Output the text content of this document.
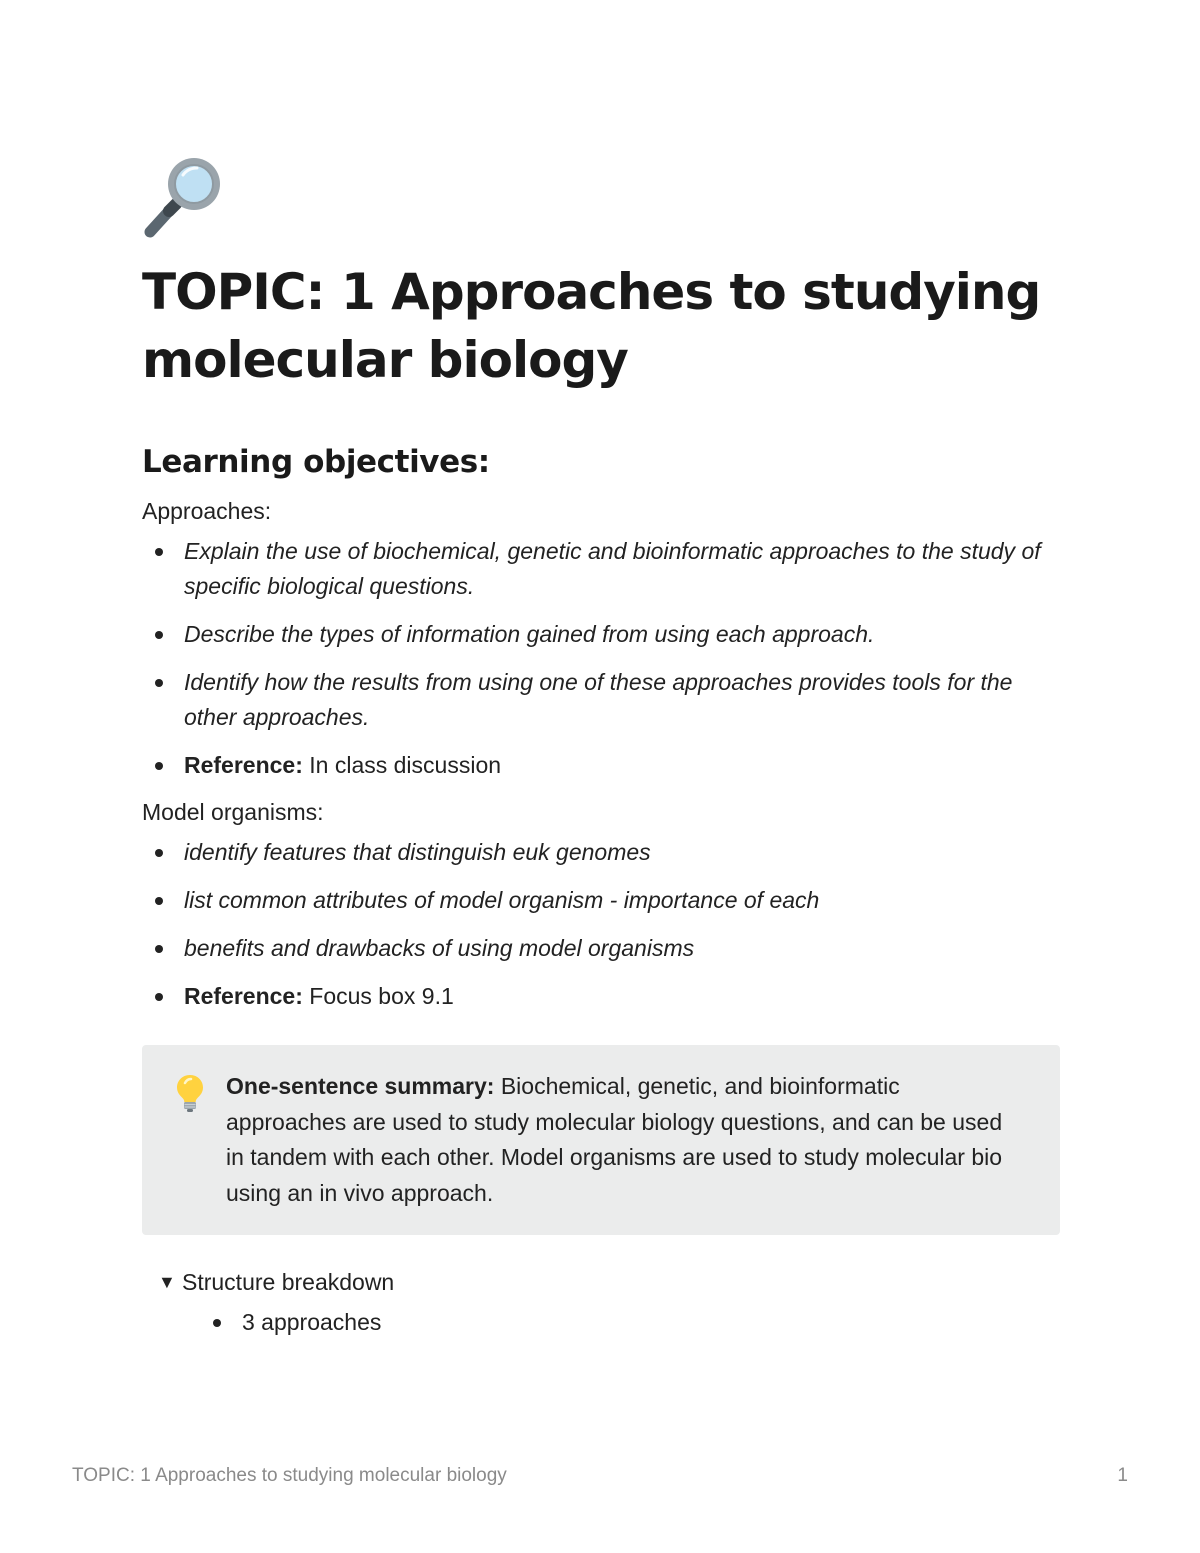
TOPIC: 1 Approaches to studying molecular biology
Learning objectives:

Approaches:

Explain the use of biochemical, genetic and bioinformatic approaches to the study of specific biological questions.
Describe the types of information gained from using each approach.
Identify how the results from using one of these approaches provides tools for the other approaches.
Reference: In class discussion

Model organisms:

identify features that distinguish euk genomes
list common attributes of model organism - importance of each
benefits and drawbacks of using model organisms
Reference: Focus box 9.1
One-sentence summary: Biochemical, genetic, and bioinformatic approaches are used to study molecular biology questions, and can be used in tandem with each other. Model organisms are used to study molecular bio using an in vivo approach.
▼ Structure breakdown
3 approaches
TOPIC: 1 Approaches to studying molecular biology	1
